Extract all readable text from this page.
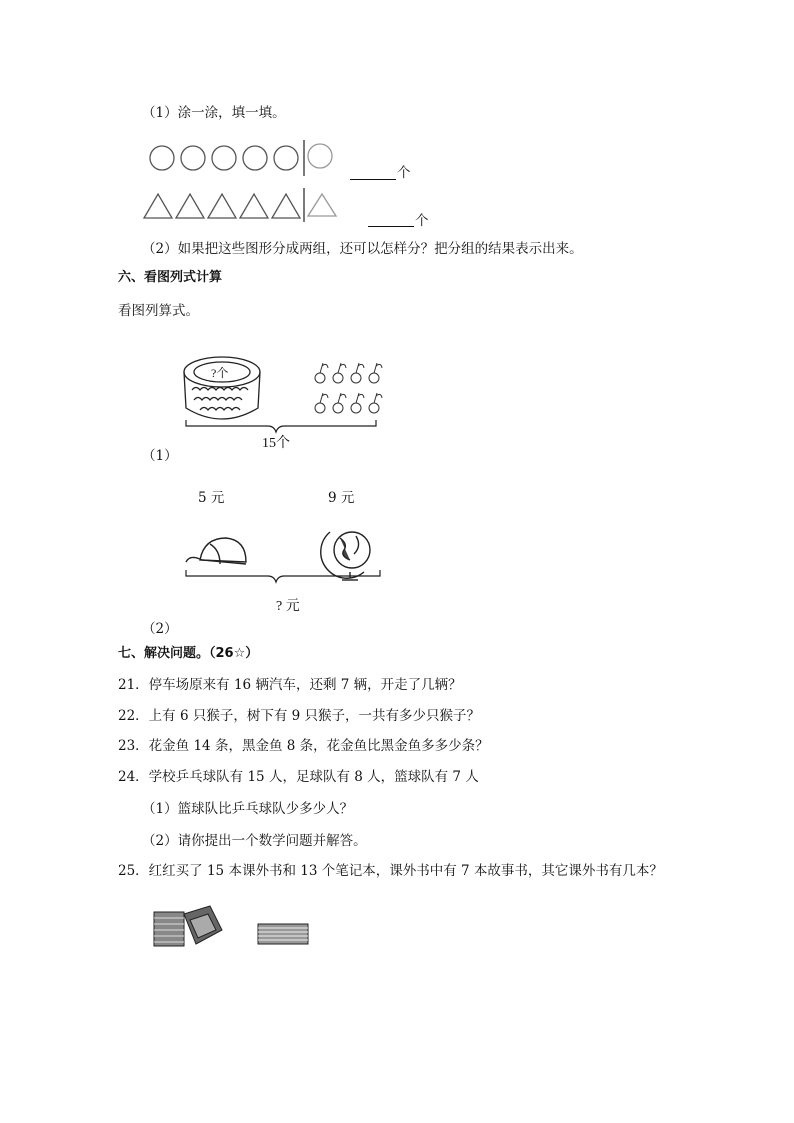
（1）涂一涂，填一填。
个
个
（2）如果把这些图形分成两组，还可以怎样分？把分组的结果表示出来。
六、看图列式计算
看图列算式。
?个
15个
（1）
5 元	9 元
? 元
（2）
七、解决问题。（26☆）
21．停车场原来有 16 辆汽车，还剩 7 辆，开走了几辆？
22．上有 6 只猴子，树下有 9 只猴子，一共有多少只猴子？
23．花金鱼 14 条，黑金鱼 8 条，花金鱼比黑金鱼多多少条？
24．学校乒乓球队有 15 人，足球队有 8 人，篮球队有 7 人
（1）篮球队比乒乓球队少多少人？
（2）请你提出一个数学问题并解答。
25．红红买了 15 本课外书和 13 个笔记本，课外书中有 7 本故事书，其它课外书有几本？
